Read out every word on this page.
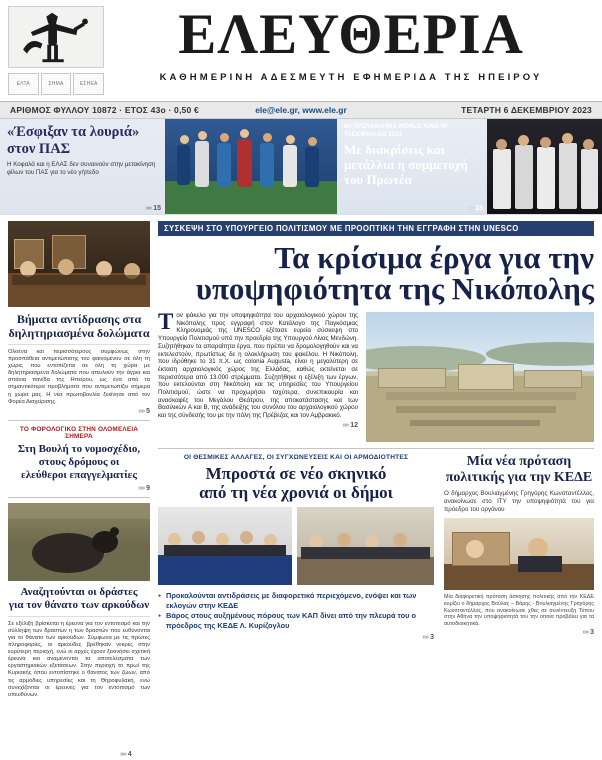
ΕΛΤΑ	ΣΗΜΑ	ΕΣΗΕΑ
ΕΛΕΥΘΕΡΙΑ
ΚΑΘΗΜΕΡΙΝΗ ΑΔΕΣΜΕΥΤΗ ΕΦΗΜΕΡΙΔΑ ΤΗΣ ΗΠΕΙΡΟΥ
ΑΡΙΘΜΟΣ ΦΥΛΛΟΥ 10872 · ΕΤΟΣ 43ο · 0,50 €	ele@ele.gr, www.ele.gr	ΤΕΤΑΡΤΗ 6 ΔΕΚΕΜΒΡΙΟΥ 2023
«Έσφιξαν τα λουριά» στον ΠΑΣ
Η Κοφαλά και η ΕΛΑΣ δεν συναινούν στην μετακίνηση φίλων του ΠΑΣ για το νέο γήπεδο
»» 15
9ο ΠΡΩΤΑΘΛΗΜΑ WORLD KING OF TAEKWON-DO 2023
Με διακρίσεις και μετάλλια η συμμετοχή του Πρωτέα
»» 15
Βήματα αντίδρασης στα
δηλητηριασμένα δολώματα
Ολοένα και περισσότερους συμφώνως στην προσπάθεια αντιμετώπισης του φαινομένου σε όλη τη χώρα, που εντοπίζεται σε όλη τη χώρα με δηλητηριασμένα δολώματα που απειλούν την άγρια και σπάνια πανίδα της Ηπείρου, ως ένα από τα σημαντικότερα προβλήματα που αντιμετωπίζει σήμερα η χώρα μας. Η νέα πρωτοβουλία ξεκίνησε από τον Φορέα Διαχείρισης.
»» 5
ΤΟ ΦΟΡΟΛΟΓΙΚΟ ΣΤΗΝ ΟΛΟΜΕΛΕΙΑ ΣΗΜΕΡΑ
Στη Βουλή το νομοσχέδιο,
στους δρόμους οι
ελεύθεροι επαγγελματίες
»» 9
Αναζητούνται οι δράστες
για τον θάνατο των αρκούδων
Σε εξέλιξη βρίσκεται η έρευνα για τον εντοπισμό και την σύλληψη των δραστών η των δραστών που ευθύνονται για το θάνατο των αρκούδων. Σύμφωνα με τις πρώτες πληροφορίες, οι αρκούδες βρέθηκαν νεκρές στην ευρύτερη περιοχή, ενώ οι αρχές έχουν ξεκινήσει σχετική έρευνα και αναμένονται τα αποτελέσματα των εργαστηριακών εξετάσεων. Στην περιοχή το πρωί της Κυριακής όπου εντοπίστηκε ο θάνατος των ζώων, από τις αρμόδιες υπηρεσίες και τη Θηροφυλακή, ενώ συνεχίζονται οι έρευνες για τον εντοπισμό των υπευθύνων.
ΣΥΣΚΕΨΗ ΣΤΟ ΥΠΟΥΡΓΕΙΟ ΠΟΛΙΤΙΣΜΟΥ ΜΕ ΠΡΟΟΠΤΙΚΗ ΤΗΝ ΕΓΓΡΑΦΗ ΣΤΗΝ UNESCO
Τα κρίσιμα έργα για την
υποψηφιότητα της Νικόπολης
Τον φάκελο για την υποψηφιότητα του αρχαιολογικού χώρου της Νικόπολης προς εγγραφή στον Κατάλογο της Παγκόσμιας Κληρονομιάς της UNESCO εξέτασε ευρεία σύσκεψη στο Υπουργείο Πολιτισμού υπό την προεδρία της Υπουργού Λίνας Μενδώνη. Συζητήθηκαν τα απαραίτητα έργα, που πρέπει να δρομολογηθούν και να εκτελεστούν, πρωτίστως δε η ολοκλήρωση του φακέλου. Η Νικόπολη, που ιδρύθηκε το 31 π.Χ. ως colonia Augusta, είναι η μεγαλύτερη σε έκταση αρχαιολογικός χώρος της Ελλάδας, καθώς εκτείνεται σε περισσότερα από 13.000 στρέμματα. Συζητήθηκε η εξέλιξη των έργων, που εκτελούνται στη Νικόπολη και τις υπηρεσίες του Υπουργείου Πολιτισμού, ώστε να προχωρήσει ταχύτερα, συνεπικουρία και ανασκαφές του Μεγάλου Θεάτρου, της αποκατάστασης και των Βασιλικών Α και Β, της ανάδειξης του συνόλου του αρχαιολογικού χώρου και της σύνδεσής του με την πόλη της Πρέβεζας και τον Αμβρακικό.
»» 12
ΟΙ ΘΕΣΜΙΚΕΣ ΑΛΛΑΓΕΣ, ΟΙ ΣΥΓΧΩΝΕΥΣΕΙΣ ΚΑΙ ΟΙ ΑΡΜΟΔΙΟΤΗΤΕΣ
Μπροστά σε νέο σκηνικό
από τη νέα χρονιά οι δήμοι
● Προκαλούνται αντιδράσεις με διαφορετικό περιεχόμενο, ενόψει και των εκλογών στην ΚΕΔΕ
● Βάρος στους αυξημένους πόρους των ΚΑΠ δίνει από την πλευρά του ο πρόεδρος της ΚΕΔΕ Λ. Κυρίζογλου
»» 3
Μία νέα πρόταση
πολιτικής για την ΚΕΔΕ
Ο δήμαρχος Βουλιαγμένης Γρηγόρης Κωνσταντέλλος, ανακοίνωσε στο ΙΤΥ την υποψηφιότητά του για πρόεδρο του οργάνου
Μία διαφορετική πρόταση άσκησης πολιτικής από την ΚΕΔΕ κομίζει ο δήμαρχος Βούλας – Βάρης - Βουλιαγμένης Γρηγόρης Κωνσταντέλλος, που ανακοίνωσε χθες σε συνέντευξη Τύπου στην Αθήνα την υποψηφιότητά του την οποία προβάλει για τα αυτοδιοικητικά.
»» 3
»» 4
